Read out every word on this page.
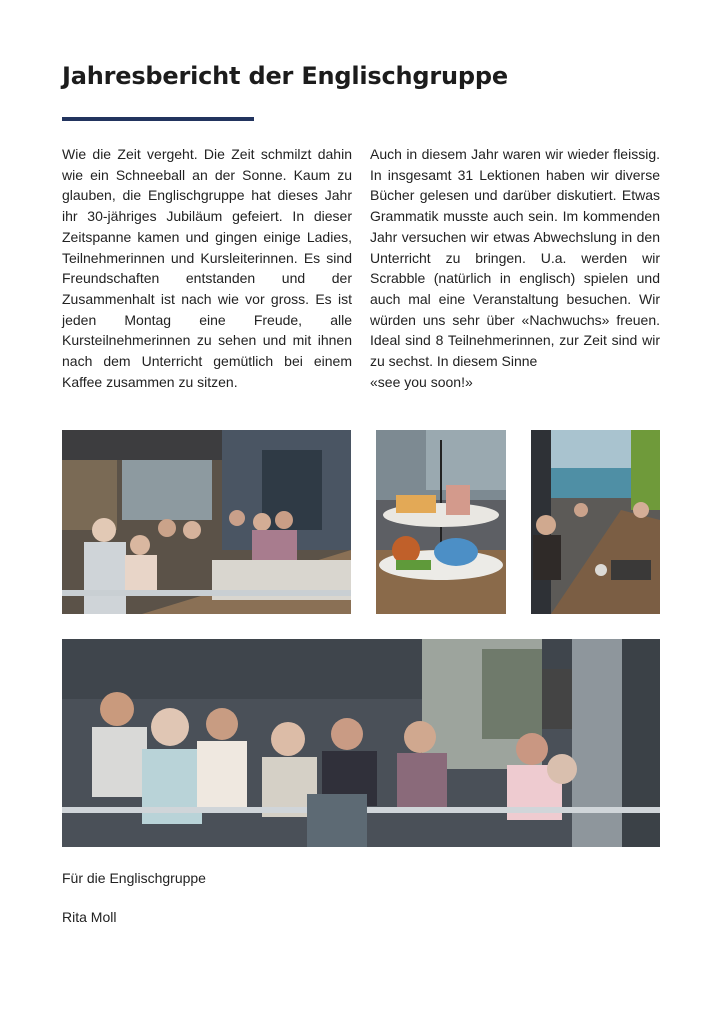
Jahresbericht der Englischgruppe

Wie die Zeit vergeht. Die Zeit schmilzt dahin wie ein Schneeball an der Sonne. Kaum zu glauben, die Englischgruppe hat dieses Jahr ihr 30-jähriges Jubiläum gefeiert. In dieser Zeitspanne kamen und gingen einige Ladies, Teilnehmerinnen und Kursleiterinnen. Es sind Freundschaften entstanden und der Zusammenhalt ist nach wie vor gross. Es ist jeden Montag eine Freude, alle Kursteilnehmerinnen zu sehen und mit ihnen nach dem Unterricht gemütlich bei einem Kaffee zusammen zu sitzen.

Auch in diesem Jahr waren wir wieder fleissig. In insgesamt 31 Lektionen haben wir diverse Bücher gelesen und darüber diskutiert. Etwas Grammatik musste auch sein. Im kommenden Jahr versuchen wir etwas Abwechslung in den Unterricht zu bringen. U.a. werden wir Scrabble (natürlich in englisch) spielen und auch mal eine Veranstaltung besuchen. Wir würden uns sehr über «Nachwuchs» freuen. Ideal sind 8 Teilnehmerinnen, zur Zeit sind wir zu sechst. In diesem Sinne

«see you soon!»

Für die Englischgruppe

Rita Moll
